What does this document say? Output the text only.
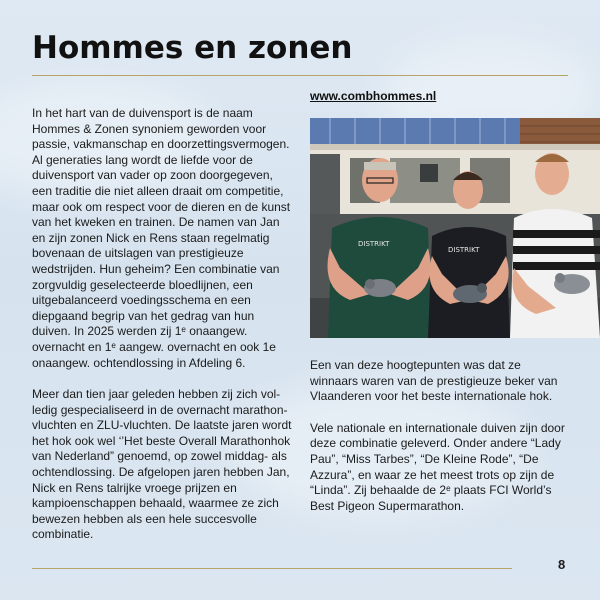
Hommes en zonen

In het hart van de duivensport is de naam Hommes & Zonen synoniem geworden voor passie, vakmanschap en doorzettingsvermogen. Al generaties lang wordt de liefde voor de duivensport van vader op zoon doorgegeven, een traditie die niet alleen draait om competitie, maar ook om respect voor de dieren en de kunst van het kweken en trainen. De namen van Jan en zijn zonen Nick en Rens staan regelmatig bovenaan de uitslagen van prestigieuze wedstrijden. Hun geheim? Een combinatie van zorgvuldig geselecteerde bloedlijnen, een uitgebalanceerd voedingsschema en een diepgaand begrip van het gedrag van hun duiven. In 2025 werden zij 1ᵉ onaangew. overnacht en 1ᵉ aangew. overnacht en ook 1e onaangew. ochtendlossing in Afdeling 6.

Meer dan tien jaar geleden hebben zij zich volledig gespecialiseerd in de overnacht marathonvluchten en ZLU-vluchten. De laatste jaren wordt het hok ook wel ‘’Het beste Overall Marathonhok van Nederland” genoemd, op zowel middag- als ochtendlossing. De afgelopen jaren hebben Jan, Nick en Rens talrijke vroege prijzen en kampioenschappen behaald, waarmee ze zich bewezen hebben als een hele succesvolle combinatie.

www.combhommes.nl
DISTRIKT
DISTRIKT

Een van deze hoogtepunten was dat ze winnaars waren van de prestigieuze beker van Vlaanderen voor het beste internationale hok.

Vele nationale en internationale duiven zijn door deze combinatie geleverd. Onder andere “Lady Pau”, “Miss Tarbes”, “De Kleine Rode”, “De Azzura”, en waar ze het meest trots op zijn de “Linda”. Zij behaalde de 2ᵉ plaats FCI World’s Best Pigeon Supermarathon.

8
